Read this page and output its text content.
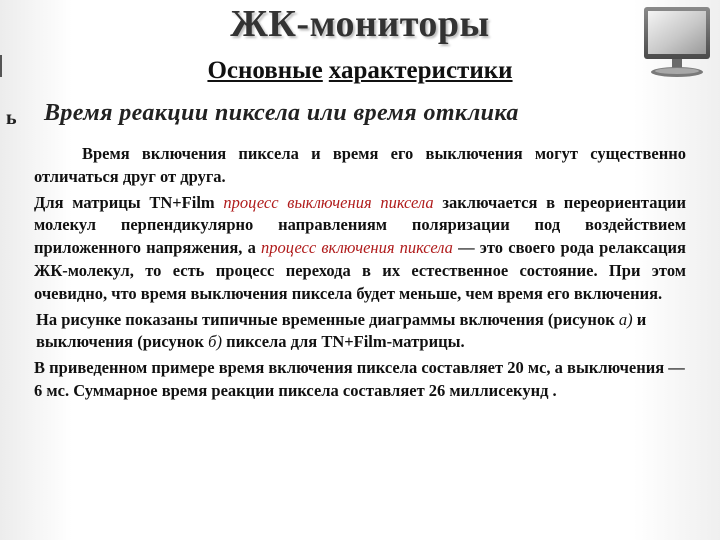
ЖК-мониторы
Основные характеристики
ь Время реакции пиксела или время отклика

Время включения пиксела и время его выключения могут существенно отличаться друг от друга.

Для матрицы TN+Film процесс выключения пиксела заключается в переориентации молекул перпендикулярно направлениям поляризации под воздействием приложенного напряжения, а процесс включения пиксела — это своего рода релаксация ЖК-молекул, то есть процесс перехода в их естественное состояние. При этом очевидно, что время выключения пиксела будет меньше, чем время его включения.

На рисунке показаны типичные временные диаграммы включения (рисунок а) и выключения (рисунок б) пиксела для TN+Film-матрицы.

В приведенном примере время включения пиксела составляет 20 мс, а выключения — 6 мс. Суммарное время реакции пиксела составляет 26 миллисекунд .
